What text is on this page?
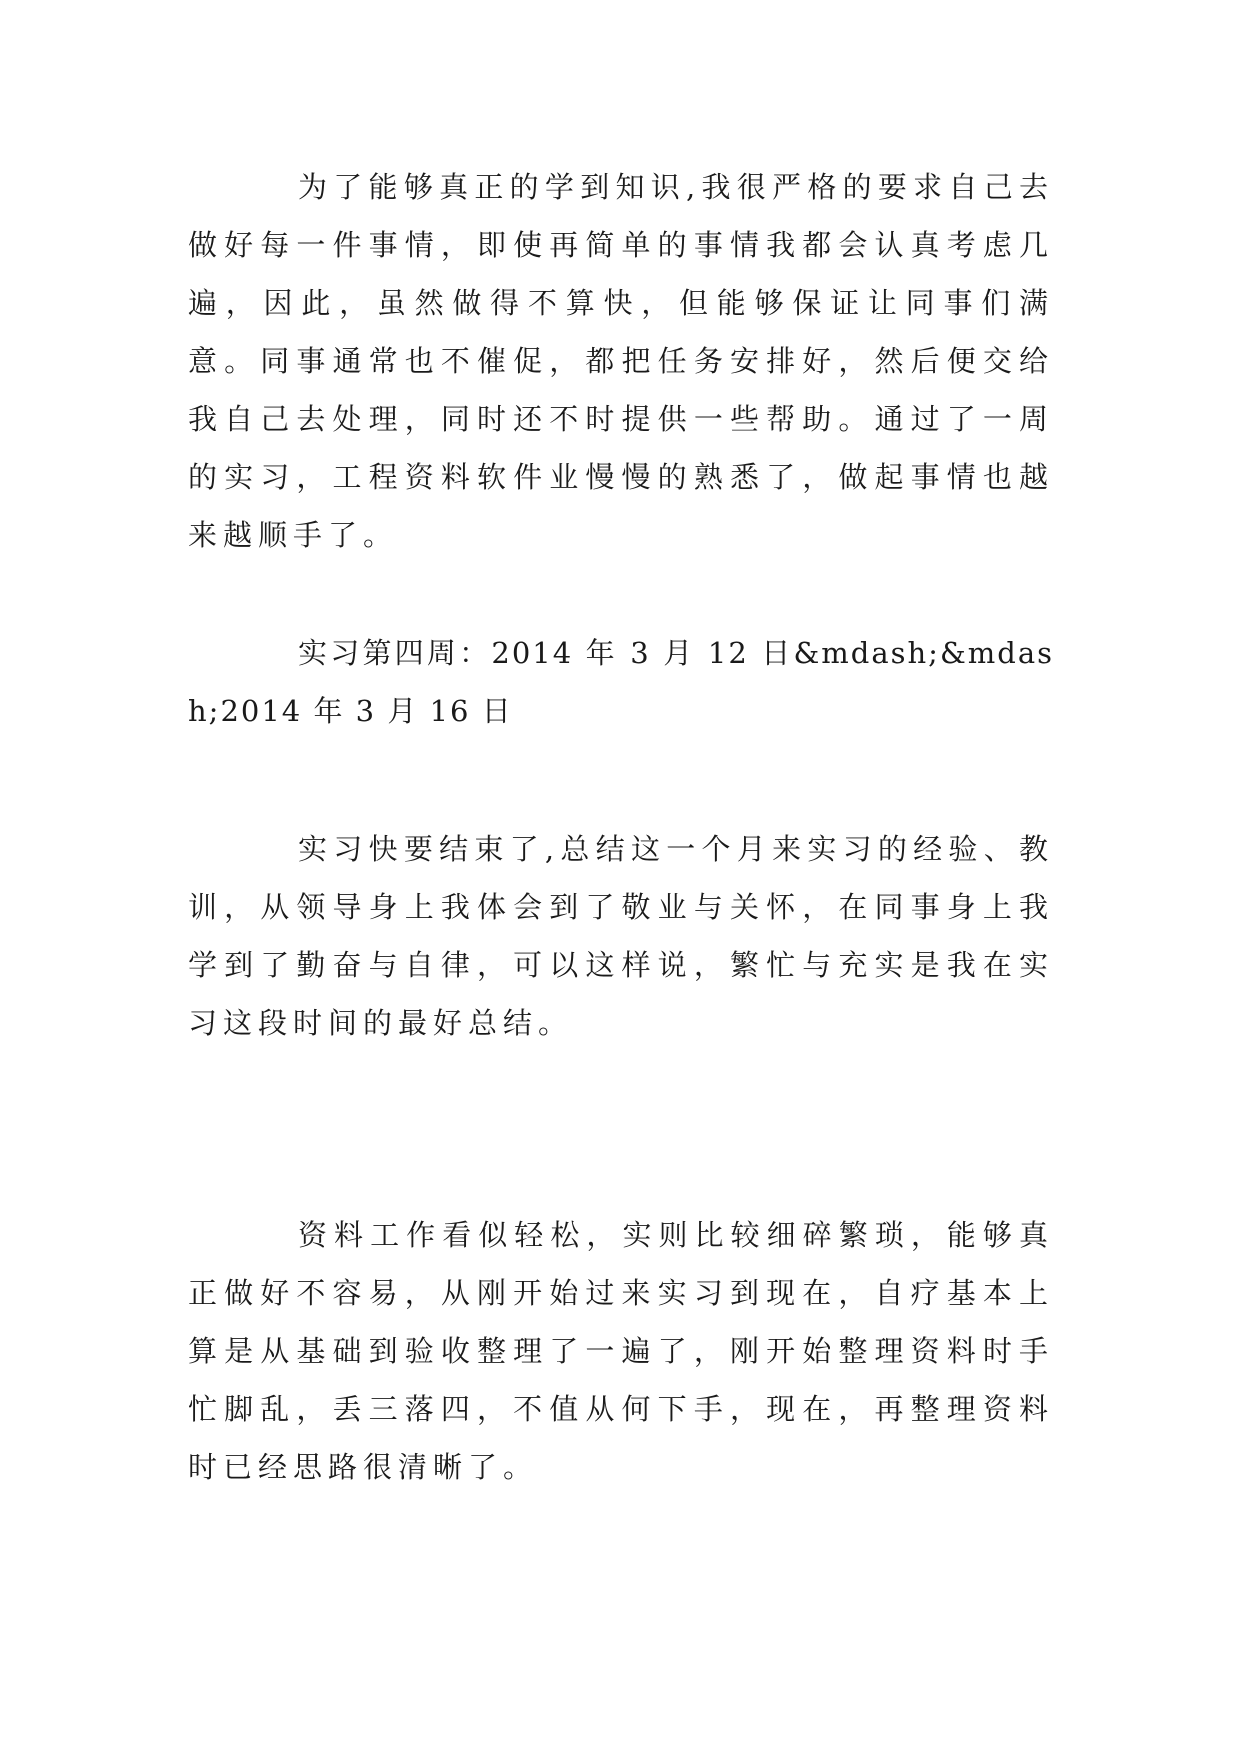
为了能够真正的学到知识,我很严格的要求自己去做好每一件事情，即使再简单的事情我都会认真考虑几遍，因此，虽然做得不算快，但能够保证让同事们满意。同事通常也不催促，都把任务安排好，然后便交给我自己去处理，同时还不时提供一些帮助。通过了一周的实习，工程资料软件业慢慢的熟悉了，做起事情也越来越顺手了。

实习第四周：2014 年 3 月 12 日&mdash;&mdash;2014 年 3 月 16 日

实习快要结束了,总结这一个月来实习的经验、教训，从领导身上我体会到了敬业与关怀，在同事身上我学到了勤奋与自律，可以这样说，繁忙与充实是我在实习这段时间的最好总结。

资料工作看似轻松，实则比较细碎繁琐，能够真正做好不容易，从刚开始过来实习到现在，自疗基本上算是从基础到验收整理了一遍了，刚开始整理资料时手忙脚乱，丢三落四，不值从何下手，现在，再整理资料时已经思路很清晰了。
